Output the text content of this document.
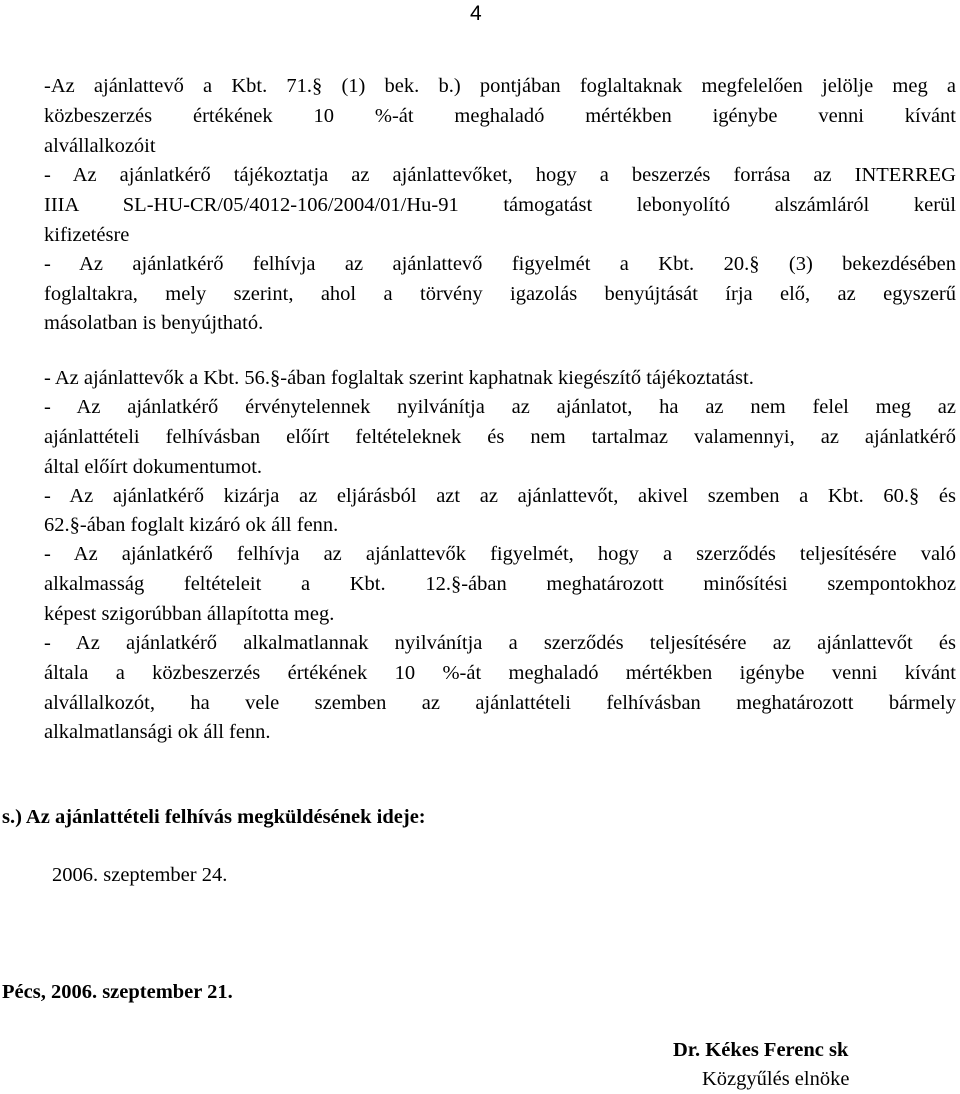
4
-Az ajánlattevő a Kbt. 71.§ (1) bek. b.) pontjában foglaltaknak megfelelően jelölje meg a
közbeszerzés értékének 10 %-át meghaladó mértékben igénybe venni kívánt
alvállalkozóit
- Az ajánlatkérő tájékoztatja az ajánlattevőket, hogy a beszerzés forrása az INTERREG
IIIA SL-HU-CR/05/4012-106/2004/01/Hu-91 támogatást lebonyolító alszámláról kerül
kifizetésre
- Az ajánlatkérő felhívja az ajánlattevő figyelmét a Kbt. 20.§ (3) bekezdésében
foglaltakra, mely szerint, ahol a törvény igazolás benyújtását írja elő, az egyszerű
másolatban is benyújtható.
- Az ajánlattevők a Kbt. 56.§-ában foglaltak szerint kaphatnak kiegészítő tájékoztatást.
- Az ajánlatkérő érvénytelennek nyilvánítja az ajánlatot, ha az nem felel meg az
ajánlattételi felhívásban előírt feltételeknek és nem tartalmaz valamennyi, az ajánlatkérő
által előírt dokumentumot.
- Az ajánlatkérő kizárja az eljárásból azt az ajánlattevőt, akivel szemben a Kbt. 60.§ és
62.§-ában foglalt kizáró ok áll fenn.
- Az ajánlatkérő felhívja az ajánlattevők figyelmét, hogy a szerződés teljesítésére való
alkalmasság feltételeit a Kbt. 12.§-ában meghatározott minősítési szempontokhoz
képest szigorúbban állapította meg.
- Az ajánlatkérő alkalmatlannak nyilvánítja a szerződés teljesítésére az ajánlattevőt és
általa a közbeszerzés értékének 10 %-át meghaladó mértékben igénybe venni kívánt
alvállalkozót, ha vele szemben az ajánlattételi felhívásban meghatározott bármely
alkalmatlansági ok áll fenn.
s.) Az ajánlattételi felhívás megküldésének ideje:
2006. szeptember 24.
Pécs, 2006. szeptember 21.
Dr. Kékes Ferenc sk
Közgyűlés elnöke
